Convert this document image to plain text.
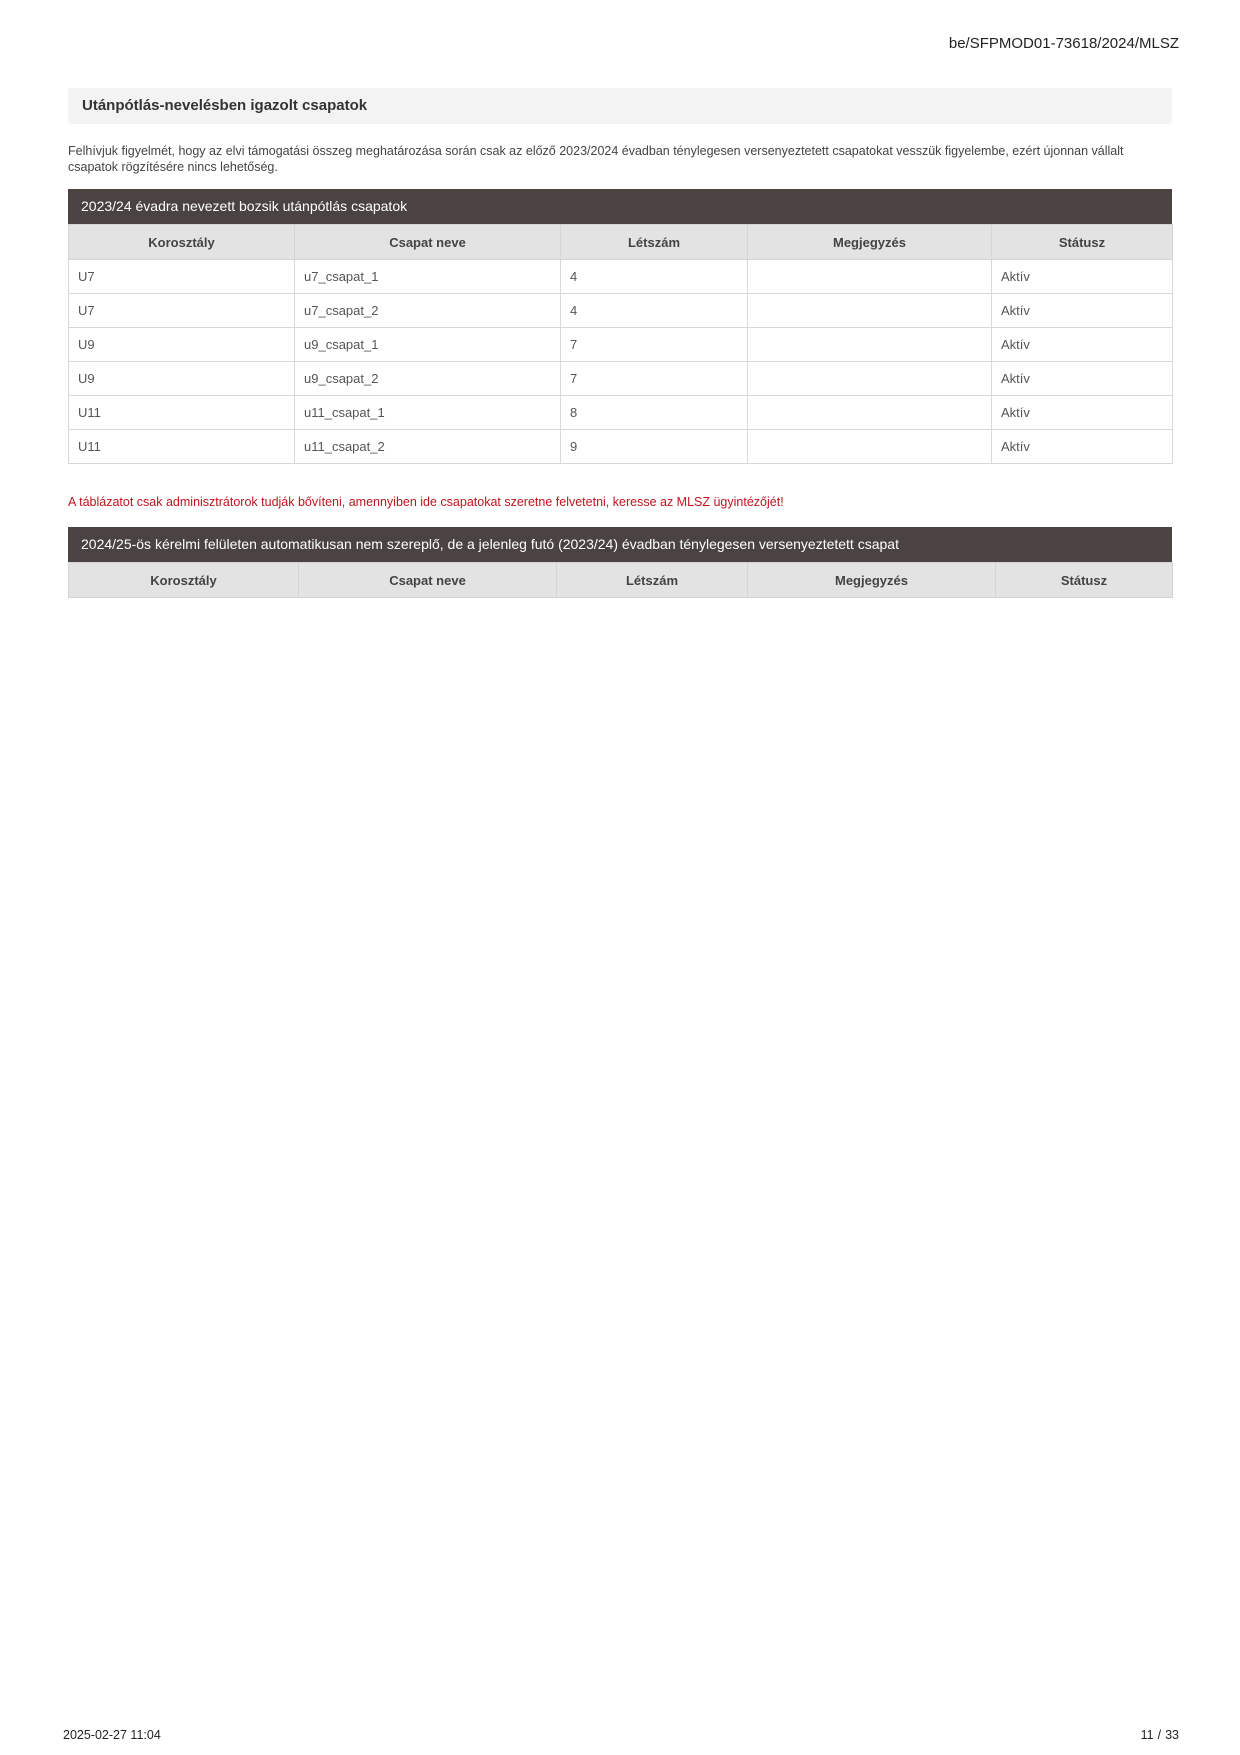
be/SFPMOD01-73618/2024/MLSZ
Utánpótlás-nevelésben igazolt csapatok
Felhívjuk figyelmét, hogy az elvi támogatási összeg meghatározása során csak az előző 2023/2024 évadban ténylegesen versenyeztetett csapatokat vesszük figyelembe, ezért újonnan vállalt csapatok rögzítésére nincs lehetőség.
2023/24 évadra nevezett bozsik utánpótlás csapatok
Korosztály	Csapat neve	Létszám	Megjegyzés	Státusz
U7	u7_csapat_1	4		Aktív
U7	u7_csapat_2	4		Aktív
U9	u9_csapat_1	7		Aktív
U9	u9_csapat_2	7		Aktív
U11	u11_csapat_1	8		Aktív
U11	u11_csapat_2	9		Aktív
A táblázatot csak adminisztrátorok tudják bővíteni, amennyiben ide csapatokat szeretne felvetetni, keresse az MLSZ ügyintézőjét!
2024/25-ös kérelmi felületen automatikusan nem szereplő, de a jelenleg futó (2023/24) évadban ténylegesen versenyeztetett csapat
Korosztály	Csapat neve	Létszám	Megjegyzés	Státusz
2025-02-27 11:04	11 / 33
